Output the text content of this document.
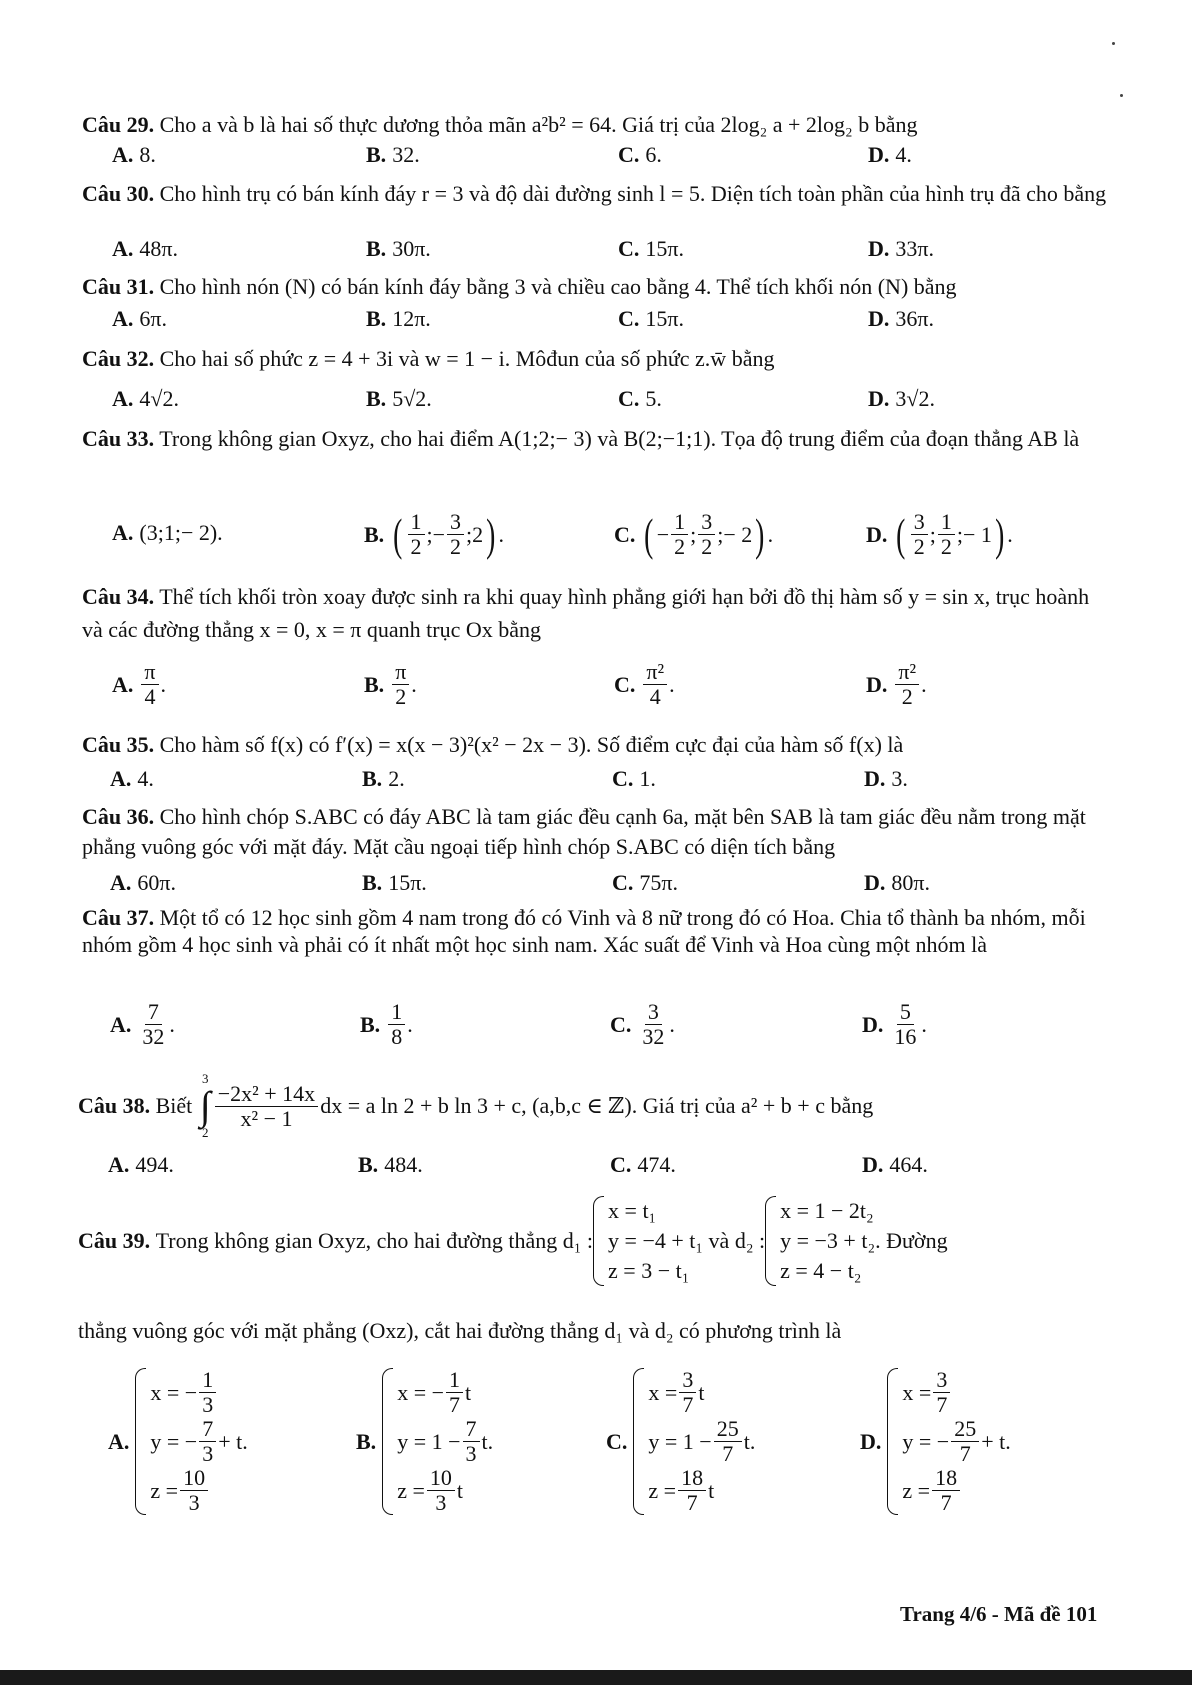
Câu 29. Cho a và b là hai số thực dương thỏa mãn a²b² = 64. Giá trị của 2log₂ a + 2log₂ b bằng
A. 8.	B. 32.	C. 6.	D. 4.
Câu 30. Cho hình trụ có bán kính đáy r = 3 và độ dài đường sinh l = 5. Diện tích toàn phần của hình trụ đã cho bằng
A. 48π.	B. 30π.	C. 15π.	D. 33π.
Câu 31. Cho hình nón (N) có bán kính đáy bằng 3 và chiều cao bằng 4. Thể tích khối nón (N) bằng
A. 6π.	B. 12π.	C. 15π.	D. 36π.
Câu 32. Cho hai số phức z = 4 + 3i và w = 1 − i. Môđun của số phức z.w̄ bằng
A. 4√2.	B. 5√2.	C. 5.	D. 3√2.
Câu 33. Trong không gian Oxyz, cho hai điểm A(1;2;− 3) và B(2;−1;1). Tọa độ trung điểm của đoạn thẳng AB là
A. (3;1;− 2).	B. ( $\frac{1}{2}$ ;− $\frac{3}{2}$ ;2 ) .	C. ( − $\frac{1}{2}$ ; $\frac{3}{2}$ ;− 2 ) .	D. ( $\frac{3}{2}$ ; $\frac{1}{2}$ ;− 1 ) .
Câu 34. Thể tích khối tròn xoay được sinh ra khi quay hình phẳng giới hạn bởi đồ thị hàm số y = sin x, trục hoành và các đường thẳng x = 0, x = π quanh trục Ox bằng
A. $\frac{\pi}{4}$ .	B. $\frac{\pi}{2}$ .	C. $\frac{\text{π²}}{4}$ .	D. $\frac{\text{π²}}{2}$ .
Câu 35. Cho hàm số f(x) có f′(x) = x(x − 3)²(x² − 2x − 3). Số điểm cực đại của hàm số f(x) là
A. 4.	B. 2.	C. 1.	D. 3.
Câu 36. Cho hình chóp S.ABC có đáy ABC là tam giác đều cạnh 6a, mặt bên SAB là tam giác đều nằm trong mặt phẳng vuông góc với mặt đáy. Mặt cầu ngoại tiếp hình chóp S.ABC có diện tích bằng
A. 60π.	B. 15π.	C. 75π.	D. 80π.
Câu 37. Một tổ có 12 học sinh gồm 4 nam trong đó có Vinh và 8 nữ trong đó có Hoa. Chia tổ thành ba nhóm, mỗi nhóm gồm 4 học sinh và phải có ít nhất một học sinh nam. Xác suất để Vinh và Hoa cùng một nhóm là
A. $\frac{7}{32}$ .	B. $\frac{1}{8}$ .	C. $\frac{3}{32}$ .	D. $\frac{5}{16}$ .
Câu 38.
Biết

3
∫
2
$\frac{\text{−2x² + 14x}}{\text{x² − 1}}$ dx = a ln 2 + b ln 3 + c, (a,b,c ∈ ℤ). Giá trị của a² + b + c bằng
A. 494.	B. 484.	C. 474.	D. 464.
Câu 39.
Trong không gian Oxyz, cho hai đường thẳng
d₁ :
x = t₁
y = −4 + t₁
z = 3 − t₁

và
d₂ :
x = 1 − 2t₂
y = −3 + t₂
z = 4 − t₂
. Đường
thẳng vuông góc với mặt phẳng (Oxz), cắt hai đường thẳng d₁ và d₂ có phương trình là
A.
x = − $\frac{1}{3}$
y = − $\frac{7}{3} + t$.
$z = \frac{10}{3}$
B.
x = − $\frac{1}{7}$ t
$y = 1 - \frac{7}{3} t$.
$z = \frac{10}{3}$ t
C.
$x = \frac{3}{7}$ t
$y = 1 - \frac{25}{7} t$.
$z = \frac{18}{7}$ t
D.
$x = \frac{3}{7}$
y = − $\frac{25}{7} + t$.
$z = \frac{18}{7}$
Trang 4/6 - Mã đề 101
